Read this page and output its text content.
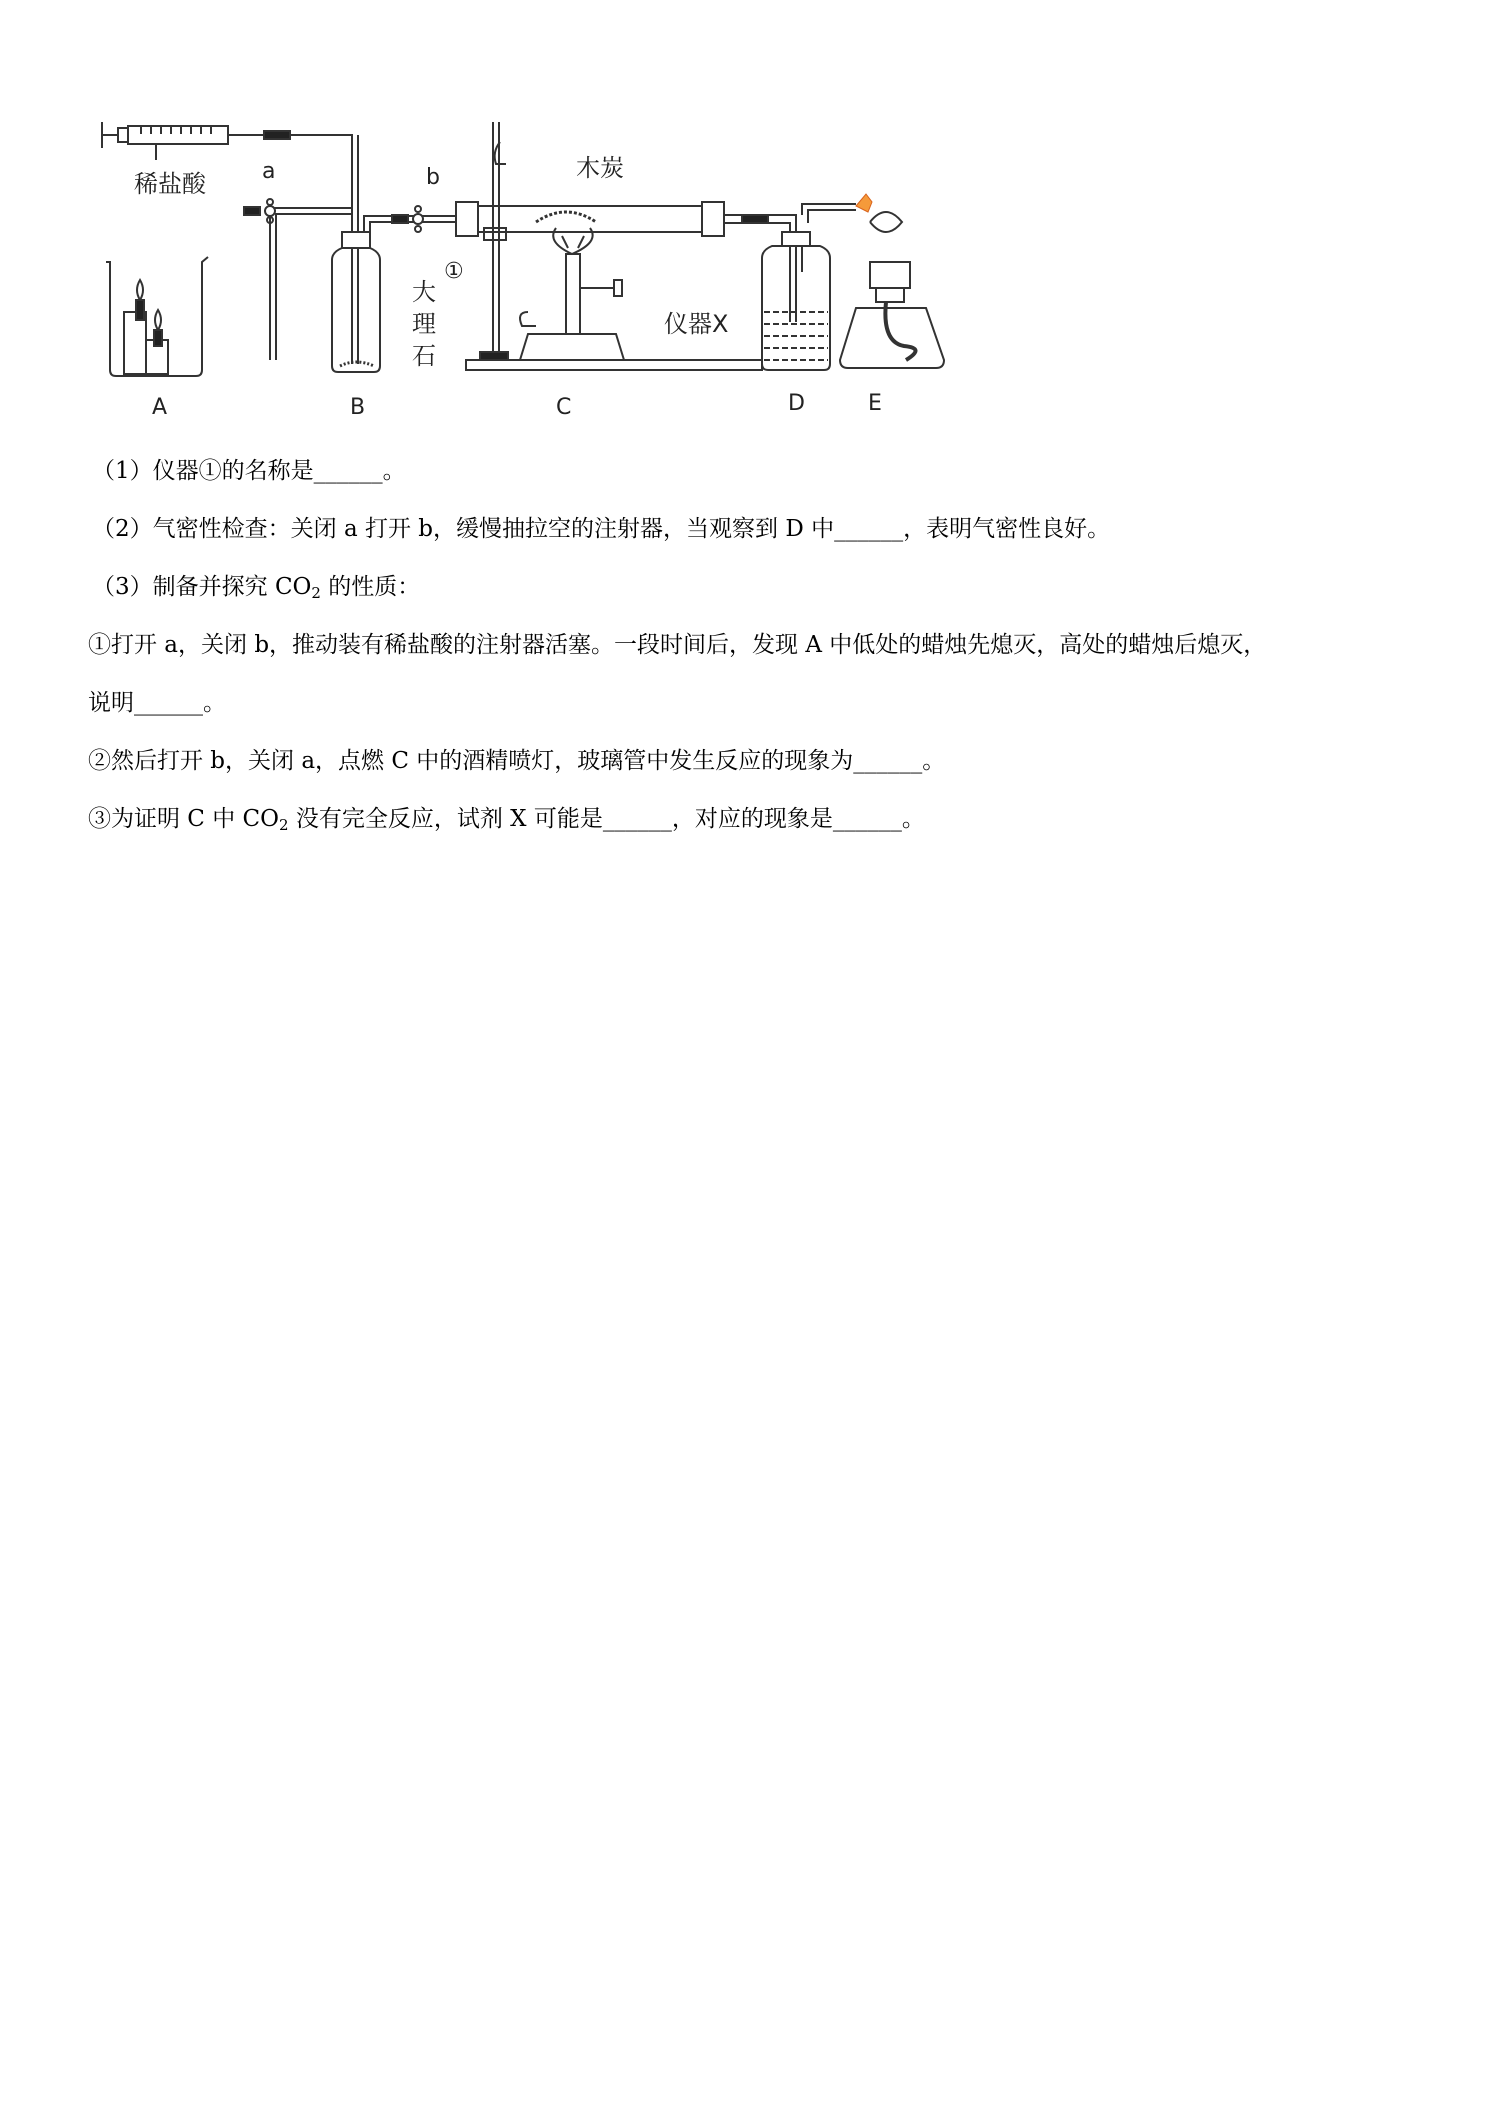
稀盐酸	a	b	木炭
①
大
理
石
仪器X
A	B	C	D	E
（1）仪器①的名称是______。
（2）气密性检查：关闭 a 打开 b，缓慢抽拉空的注射器，当观察到 D 中______，表明气密性良好。
（3）制备并探究 $CO_2$ 的性质：
①打开 a，关闭 b，推动装有稀盐酸的注射器活塞。一段时间后，发现 A 中低处的蜡烛先熄灭，高处的蜡烛后熄灭，
说明______。
②然后打开 b，关闭 a，点燃 C 中的酒精喷灯，玻璃管中发生反应的现象为______。
③为证明 C 中 $CO_2$ 没有完全反应，试剂 X 可能是______，对应的现象是______。
